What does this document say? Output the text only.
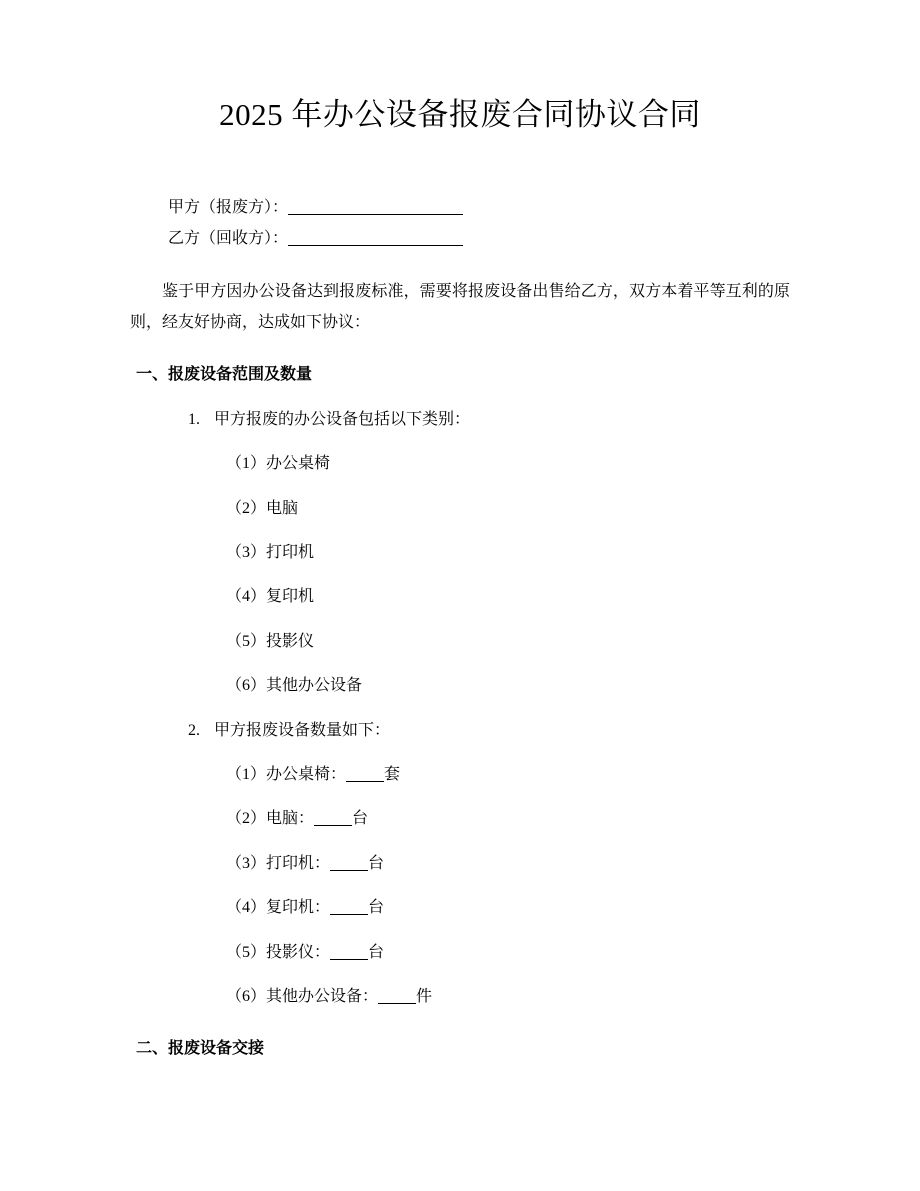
2025 年办公设备报废合同协议合同
甲方（报废方）：
乙方（回收方）：

鉴于甲方因办公设备达到报废标准，需要将报废设备出售给乙方，双方本着平等互利的原则，经友好协商，达成如下协议：

一、报废设备范围及数量
1. 甲方报废的办公设备包括以下类别：
（1）办公桌椅
（2）电脑
（3）打印机
（4）复印机
（5）投影仪
（6）其他办公设备
2. 甲方报废设备数量如下：
（1）办公桌椅： 套
（2）电脑： 台
（3）打印机： 台
（4）复印机： 台
（5）投影仪： 台
（6）其他办公设备： 件
二、报废设备交接
